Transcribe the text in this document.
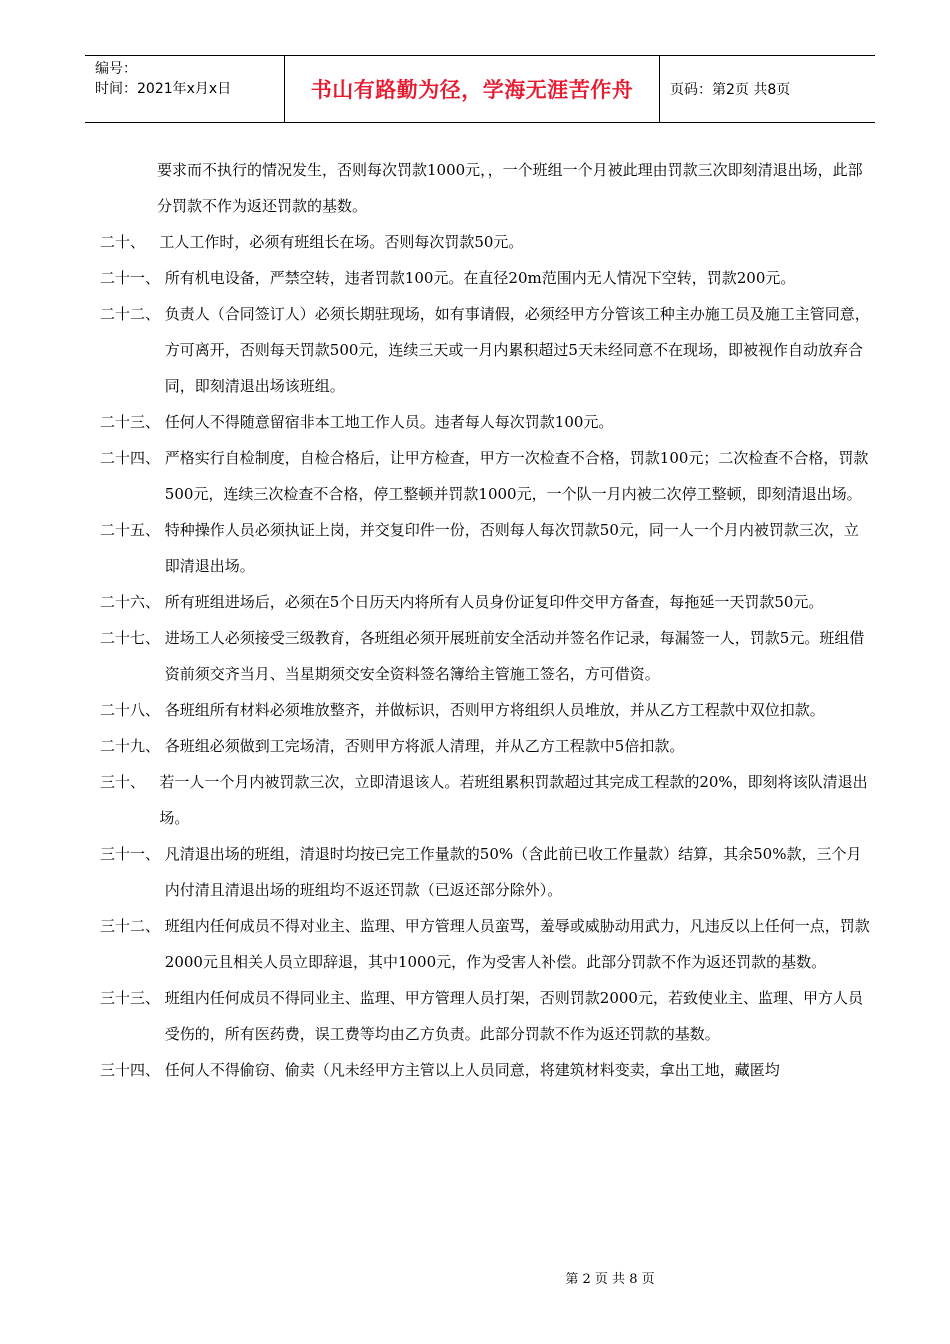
编号：
时间：2021年x月x日	书山有路勤为径，学海无涯苦作舟	页码：第2页 共8页
要求而不执行的情况发生，否则每次罚款1000元，，一个班组一个月被此理由罚款三次即刻清退出场，此部分罚款不作为返还罚款的基数。
二十、 工人工作时，必须有班组长在场。否则每次罚款50元。
二十一、 所有机电设备，严禁空转，违者罚款100元。在直径20m范围内无人情况下空转，罚款200元。
二十二、 负责人（合同签订人）必须长期驻现场，如有事请假，必须经甲方分管该工种主办施工员及施工主管同意，方可离开，否则每天罚款500元，连续三天或一月内累积超过5天未经同意不在现场，即被视作自动放弃合同，即刻清退出场该班组。
二十三、 任何人不得随意留宿非本工地工作人员。违者每人每次罚款100元。
二十四、 严格实行自检制度，自检合格后，让甲方检查，甲方一次检查不合格，罚款100元；二次检查不合格，罚款500元，连续三次检查不合格，停工整顿并罚款1000元，一个队一月内被二次停工整顿，即刻清退出场。
二十五、 特种操作人员必须执证上岗，并交复印件一份，否则每人每次罚款50元，同一人一个月内被罚款三次，立即清退出场。
二十六、 所有班组进场后，必须在5个日历天内将所有人员身份证复印件交甲方备查，每拖延一天罚款50元。
二十七、 进场工人必须接受三级教育，各班组必须开展班前安全活动并签名作记录，每漏签一人，罚款5元。班组借资前须交齐当月、当星期须交安全资料签名簿给主管施工签名，方可借资。
二十八、 各班组所有材料必须堆放整齐，并做标识，否则甲方将组织人员堆放，并从乙方工程款中双位扣款。
二十九、 各班组必须做到工完场清，否则甲方将派人清理，并从乙方工程款中5倍扣款。
三十、 若一人一个月内被罚款三次，立即清退该人。若班组累积罚款超过其完成工程款的20%，即刻将该队清退出场。
三十一、 凡清退出场的班组，清退时均按已完工作量款的50%（含此前已收工作量款）结算，其余50%款，三个月内付清且清退出场的班组均不返还罚款（已返还部分除外）。
三十二、 班组内任何成员不得对业主、监理、甲方管理人员蛮骂，羞辱或威胁动用武力，凡违反以上任何一点，罚款2000元且相关人员立即辞退，其中1000元，作为受害人补偿。此部分罚款不作为返还罚款的基数。
三十三、 班组内任何成员不得同业主、监理、甲方管理人员打架，否则罚款2000元，若致使业主、监理、甲方人员受伤的，所有医药费，误工费等均由乙方负责。此部分罚款不作为返还罚款的基数。
三十四、 任何人不得偷窃、偷卖（凡未经甲方主管以上人员同意，将建筑材料变卖，拿出工地，藏匿均
第 2 页 共 8 页
